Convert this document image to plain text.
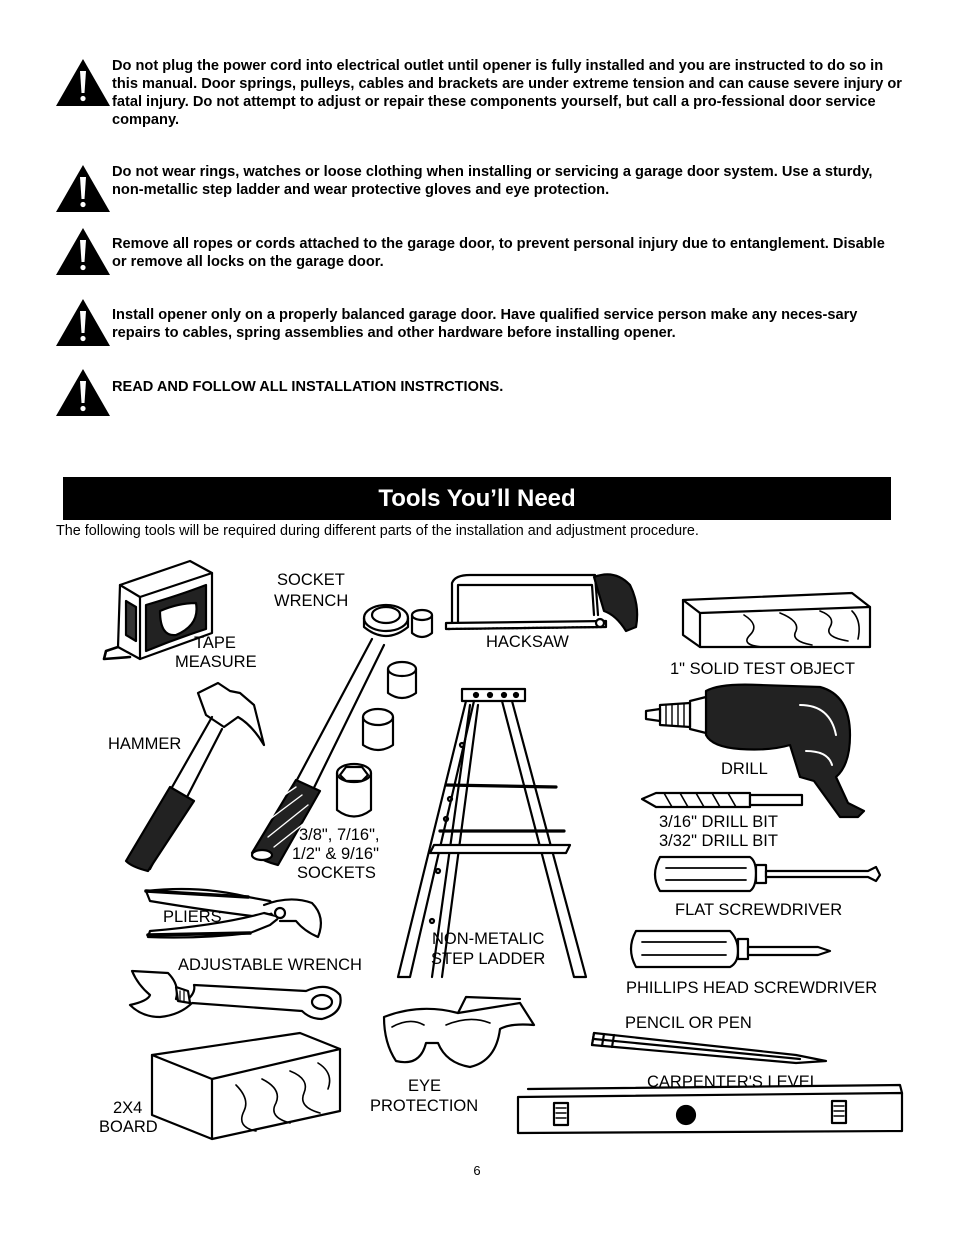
Do not plug the power cord into electrical outlet until opener is fully installed and you are instructed to do so in this manual. Door springs, pulleys, cables and brackets are under extreme tension and can cause severe injury or fatal injury. Do not attempt to adjust or repair these components yourself, but call a pro-fessional door service company.

Do not wear rings, watches or loose clothing when installing or servicing a garage door system. Use a sturdy, non-metallic step ladder and wear protective gloves and eye protection.

Remove all ropes or cords attached to the garage door, to prevent personal injury due to entanglement. Disable or remove all locks on the garage door.

Install opener only on a properly balanced garage door. Have qualified service person make any neces-sary repairs to cables, spring assemblies and other hardware before installing opener.

READ AND FOLLOW ALL INSTALLATION INSTRCTIONS.

Tools You’ll Need

The following tools will be required during different parts of the installation and adjustment procedure.

SOCKET
WRENCH
TAPE
MEASURE
HACKSAW
1" SOLID TEST OBJECT
HAMMER
DRILL
3/16" DRILL BIT
3/32" DRILL BIT
3/8", 7/16",
1/2" & 9/16"
SOCKETS
FLAT SCREWDRIVER
PLIERS
NON-METALIC
STEP LADDER
ADJUSTABLE WRENCH
PHILLIPS HEAD SCREWDRIVER
PENCIL OR PEN
CARPENTER'S LEVEL
EYE
PROTECTION
2X4
BOARD
6
